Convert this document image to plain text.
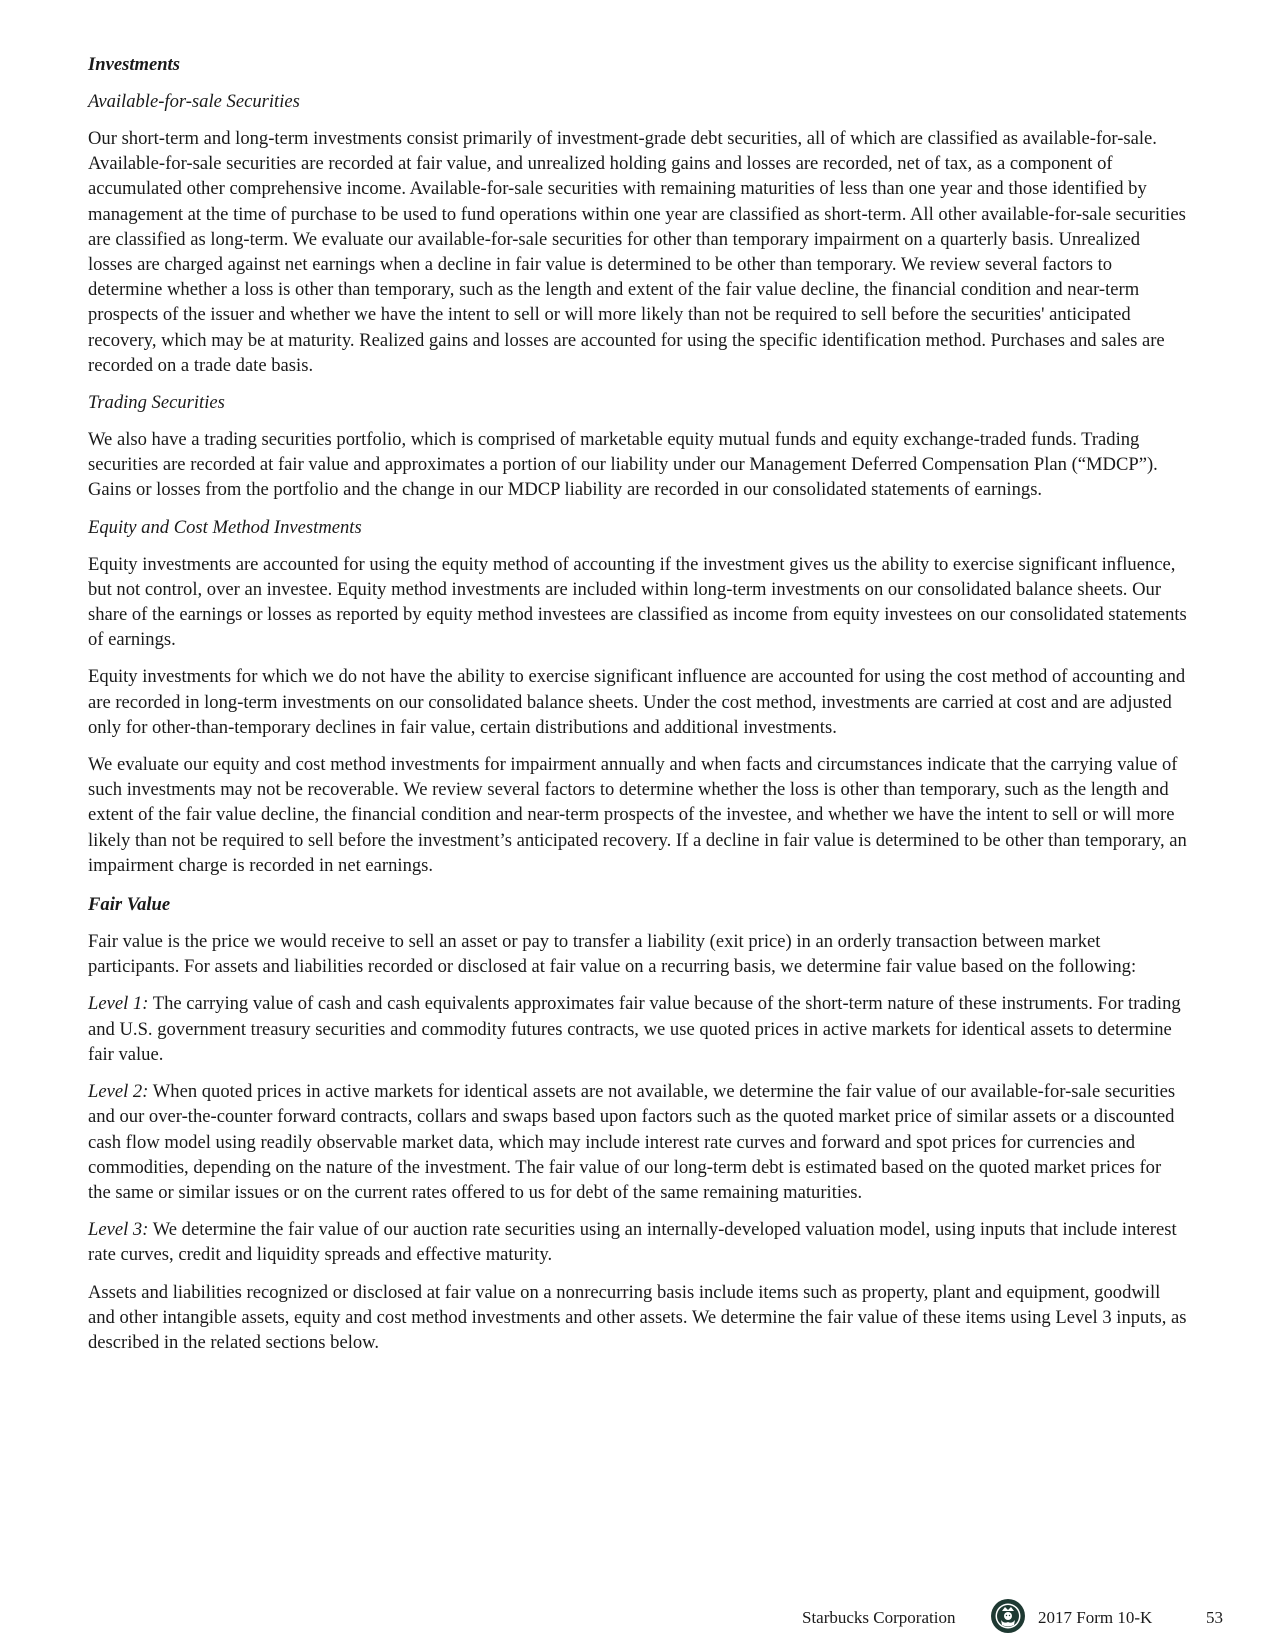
Investments
Available-for-sale Securities

Our short-term and long-term investments consist primarily of investment-grade debt securities, all of which are classified as available-for-sale. Available-for-sale securities are recorded at fair value, and unrealized holding gains and losses are recorded, net of tax, as a component of accumulated other comprehensive income. Available-for-sale securities with remaining maturities of less than one year and those identified by management at the time of purchase to be used to fund operations within one year are classified as short-term. All other available-for-sale securities are classified as long-term. We evaluate our available-for-sale securities for other than temporary impairment on a quarterly basis. Unrealized losses are charged against net earnings when a decline in fair value is determined to be other than temporary. We review several factors to determine whether a loss is other than temporary, such as the length and extent of the fair value decline, the financial condition and near-term prospects of the issuer and whether we have the intent to sell or will more likely than not be required to sell before the securities' anticipated recovery, which may be at maturity. Realized gains and losses are accounted for using the specific identification method. Purchases and sales are recorded on a trade date basis.

Trading Securities

We also have a trading securities portfolio, which is comprised of marketable equity mutual funds and equity exchange-traded funds. Trading securities are recorded at fair value and approximates a portion of our liability under our Management Deferred Compensation Plan (“MDCP”). Gains or losses from the portfolio and the change in our MDCP liability are recorded in our consolidated statements of earnings.

Equity and Cost Method Investments

Equity investments are accounted for using the equity method of accounting if the investment gives us the ability to exercise significant influence, but not control, over an investee. Equity method investments are included within long-term investments on our consolidated balance sheets. Our share of the earnings or losses as reported by equity method investees are classified as income from equity investees on our consolidated statements of earnings.

Equity investments for which we do not have the ability to exercise significant influence are accounted for using the cost method of accounting and are recorded in long-term investments on our consolidated balance sheets. Under the cost method, investments are carried at cost and are adjusted only for other-than-temporary declines in fair value, certain distributions and additional investments.

We evaluate our equity and cost method investments for impairment annually and when facts and circumstances indicate that the carrying value of such investments may not be recoverable. We review several factors to determine whether the loss is other than temporary, such as the length and extent of the fair value decline, the financial condition and near-term prospects of the investee, and whether we have the intent to sell or will more likely than not be required to sell before the investment’s anticipated recovery. If a decline in fair value is determined to be other than temporary, an impairment charge is recorded in net earnings.

Fair Value

Fair value is the price we would receive to sell an asset or pay to transfer a liability (exit price) in an orderly transaction between market participants. For assets and liabilities recorded or disclosed at fair value on a recurring basis, we determine fair value based on the following:

Level 1: The carrying value of cash and cash equivalents approximates fair value because of the short-term nature of these instruments. For trading and U.S. government treasury securities and commodity futures contracts, we use quoted prices in active markets for identical assets to determine fair value.

Level 2: When quoted prices in active markets for identical assets are not available, we determine the fair value of our available-for-sale securities and our over-the-counter forward contracts, collars and swaps based upon factors such as the quoted market price of similar assets or a discounted cash flow model using readily observable market data, which may include interest rate curves and forward and spot prices for currencies and commodities, depending on the nature of the investment. The fair value of our long-term debt is estimated based on the quoted market prices for the same or similar issues or on the current rates offered to us for debt of the same remaining maturities.

Level 3: We determine the fair value of our auction rate securities using an internally-developed valuation model, using inputs that include interest rate curves, credit and liquidity spreads and effective maturity.

Assets and liabilities recognized or disclosed at fair value on a nonrecurring basis include items such as property, plant and equipment, goodwill and other intangible assets, equity and cost method investments and other assets. We determine the fair value of these items using Level 3 inputs, as described in the related sections below.

Starbucks Corporation	2017 Form 10-K	53
